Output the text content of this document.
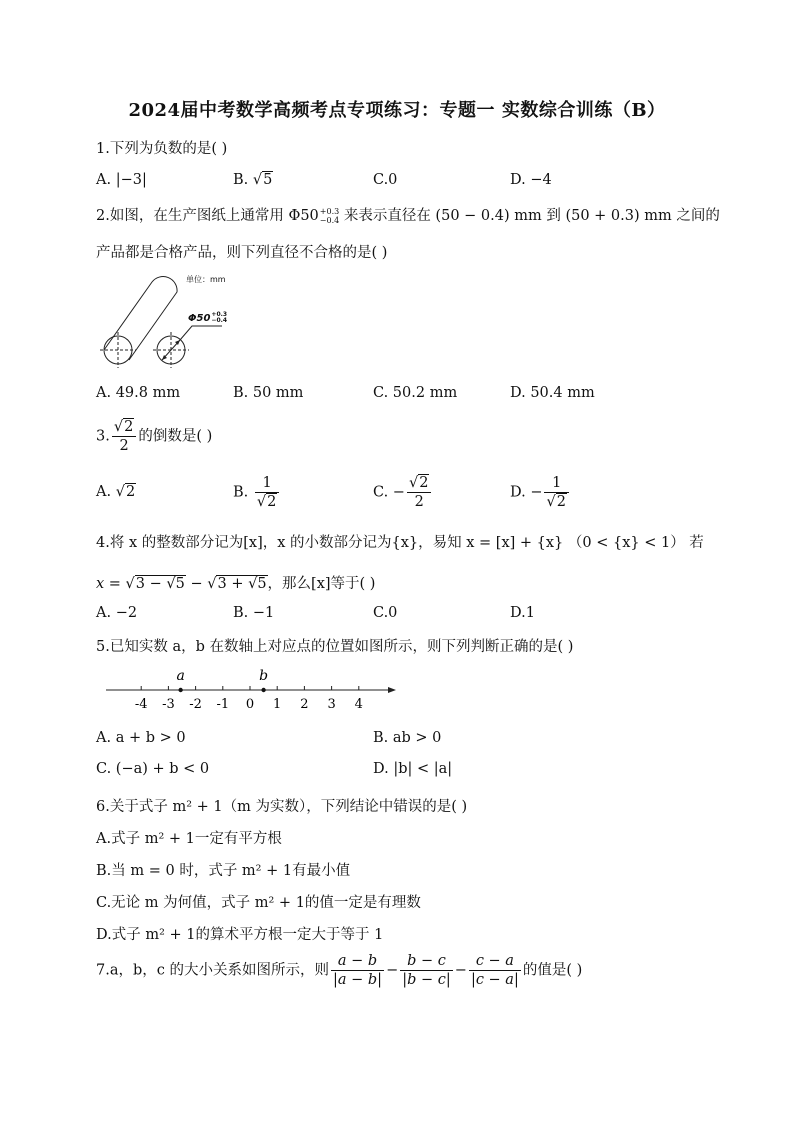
2024届中考数学高频考点专项练习：专题一 实数综合训练（B）
1.下列为负数的是( )
A. |−3|	B. √5	C.0	D. −4
2.如图，在生产图纸上通常用 Φ50+0.3
−0.4 来表示直径在 (50 − 0.4) mm 到 (50 + 0.3) mm 之间的
产品都是合格产品，则下列直径不合格的是( )
单位：mm
Φ50+0.3
−0.4
A. 49.8 mm	B. 50 mm	C. 50.2 mm	D. 50.4 mm
3. $\frac{√2}{2}$ 的倒数是( )
A. √2	B. $\frac{1}{√2}$	C. − $\frac{√2}{2}$	D. − $\frac{1}{√2}$
4.将 x 的整数部分记为[x]，x 的小数部分记为{x}，易知 x = [x] + {x} （0 < {x} < 1） 若
x = √3 − √5 − √3 + √5，那么[x]等于( )
A. −2	B. −1	C.0	D.1
5.已知实数 a，b 在数轴上对应点的位置如图所示，则下列判断正确的是( )
-4 -3 -2 -1 0 1 2 3 4
a	b
A. a + b > 0	B. ab > 0
C. (−a) + b < 0	D. |b| < |a|
6.关于式子 m² + 1（m 为实数），下列结论中错误的是( )
A.式子 m² + 1一定有平方根
B.当 m = 0 时，式子 m² + 1有最小值
C.无论 m 为何值，式子 m² + 1的值一定是有理数
D.式子 m² + 1的算术平方根一定大于等于 1
7.a，b，c 的大小关系如图所示，则 $\frac{a - b}{|a - b|} - \frac{b - c}{|b - c|} - \frac{c - a}{|c - a|}$ 的值是( )
